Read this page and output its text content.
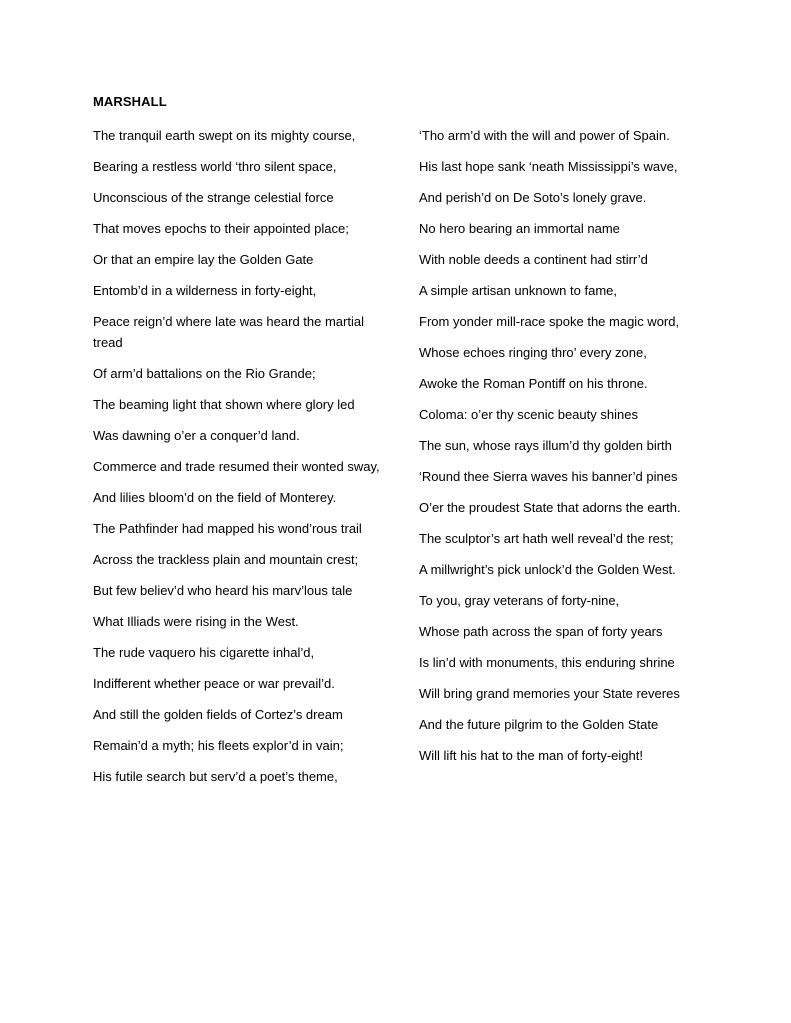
MARSHALL
The tranquil earth swept on its mighty course,
Bearing a restless world ‘thro silent space,
Unconscious of the strange celestial force
That moves epochs to their appointed place;
Or that an empire lay the Golden Gate
Entomb’d in a wilderness in forty-eight,
Peace reign’d where late was heard the martial tread
Of arm’d battalions on the Rio Grande;
The beaming light that shown where glory led
Was dawning o’er a conquer’d land.
Commerce and trade resumed their wonted sway,
And lilies bloom’d on the field of Monterey.
The Pathfinder had mapped his wond’rous trail
Across the trackless plain and mountain crest;
But few believ’d who heard his marv’lous tale
What Illiads were rising in the West.
The rude vaquero his cigarette inhal’d,
Indifferent whether peace or war prevail’d.
And still the golden fields of Cortez’s dream
Remain’d a myth; his fleets explor’d in vain;
His futile search but serv’d a poet’s theme,
‘Tho arm’d with the will and power of Spain.
His last hope sank ‘neath Mississippi’s wave,
And perish’d on De Soto’s lonely grave.
No hero bearing an immortal name
With noble deeds a continent had stirr’d
A simple artisan unknown to fame,
From yonder mill-race spoke the magic word,
Whose echoes ringing thro’ every zone,
Awoke the Roman Pontiff on his throne.
Coloma: o’er thy scenic beauty shines
The sun, whose rays illum’d thy golden birth
‘Round thee Sierra waves his banner’d pines
O’er the proudest State that adorns the earth.
The sculptor’s art hath well reveal’d the rest;
A millwright’s pick unlock’d the Golden West.
To you, gray veterans of forty-nine,
Whose path across the span of forty years
Is lin’d with monuments, this enduring shrine
Will bring grand memories your State reveres
And the future pilgrim to the Golden State
Will lift his hat to the man of forty-eight!
